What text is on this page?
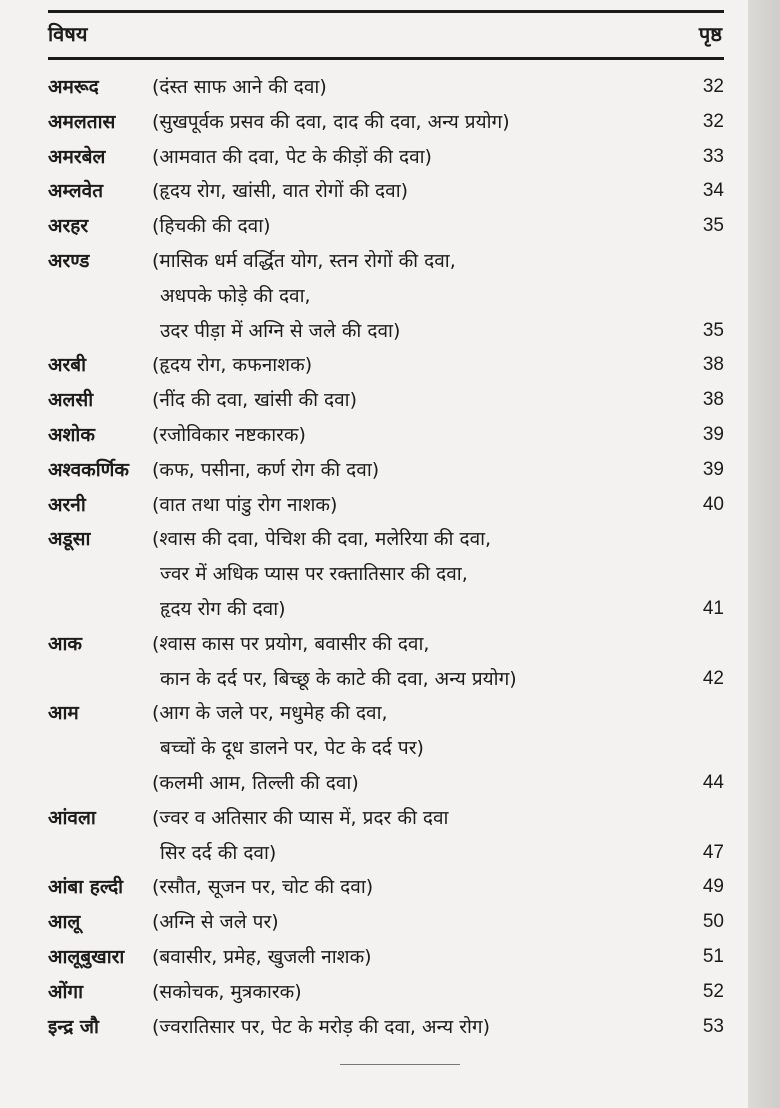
विषय	पृष्ठ
अमरूद	(दंस्त साफ आने की दवा)	32
अमलतास (सुखपूर्वक प्रसव की दवा, दाद की दवा, अन्य प्रयोग)	32
अमरबेल (आमवात की दवा, पेट के कीड़ों की दवा)	33
अम्लवेत	(हृदय रोग, खांसी, वात रोगों की दवा)	34
अरहर	(हिचकी की दवा)	35
अरण्ड	(मासिक धर्म वर्द्धित योग, स्तन रोगों की दवा,
अधपके फोड़े की दवा,
उदर पीड़ा में अग्नि से जले की दवा)	35
अरबी	(हृदय रोग, कफनाशक)	38
अलसी	(नींद की दवा, खांसी की दवा)	38
अशोक	(रजोविकार नष्टकारक)	39
अश्वकर्णिक (कफ, पसीना, कर्ण रोग की दवा)	39
अरनी	(वात तथा पांडु रोग नाशक)	40
अडूसा	(श्वास की दवा, पेचिश की दवा, मलेरिया की दवा,
ज्वर में अधिक प्यास पर रक्तातिसार की दवा,
हृदय रोग की दवा)	41
आक	(श्वास कास पर प्रयोग, बवासीर की दवा,
कान के दर्द पर, बिच्छू के काटे की दवा, अन्य प्रयोग)	42
आम	(आग के जले पर, मधुमेह की दवा,
बच्चों के दूध डालने पर, पेट के दर्द पर)
(कलमी आम, तिल्ली की दवा)	44
आंवला	(ज्वर व अतिसार की प्यास में, प्रदर की दवा
सिर दर्द की दवा)	47
आंबा हल्दी (रसौत, सूजन पर, चोट की दवा)	49
आलू	(अग्नि से जले पर)	50
आलूबुखारा (बवासीर, प्रमेह, खुजली नाशक)	51
ओंगा	(सकोचक, मुत्रकारक)	52
इन्द्र जौ	(ज्वरातिसार पर, पेट के मरोड़ की दवा, अन्य रोग)	53
